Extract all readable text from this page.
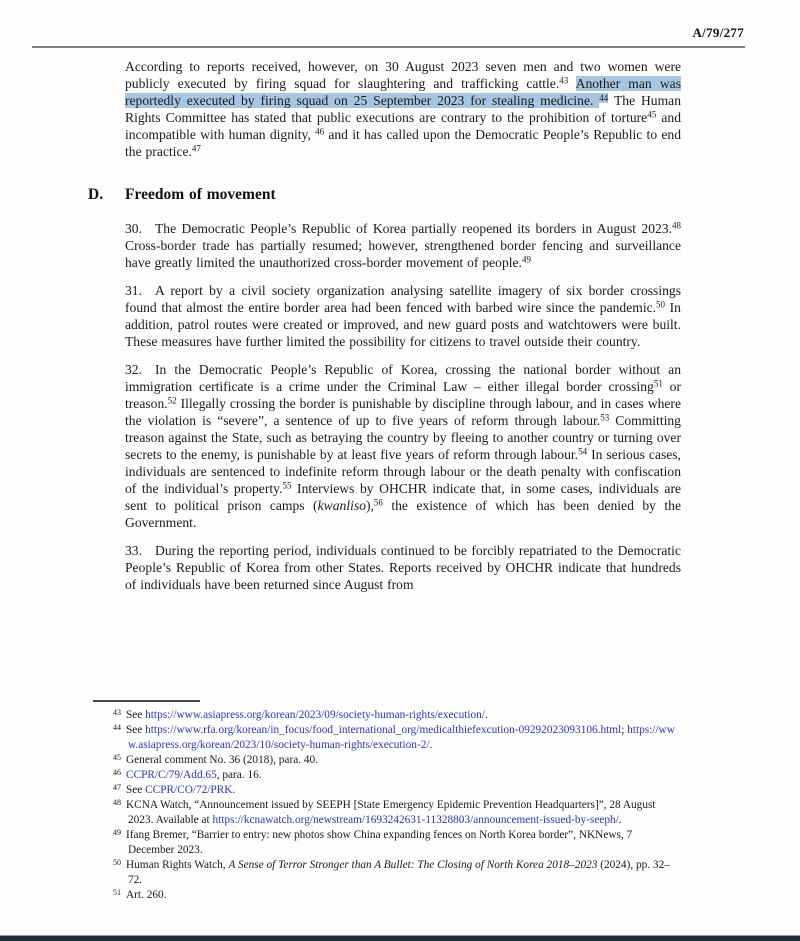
A/79/277

According to reports received, however, on 30 August 2023 seven men and two women were publicly executed by firing squad for slaughtering and trafficking cattle.$^{43}$ Another man was reportedly executed by firing squad on 25 September 2023 for stealing medicine. $^{44}$ The Human Rights Committee has stated that public executions are contrary to the prohibition of torture$^{45}$ and incompatible with human dignity, $^{46}$ and it has called upon the Democratic People’s Republic to end the practice.$^{47}$

D. Freedom of movement

30. The Democratic People’s Republic of Korea partially reopened its borders in August 2023.48 Cross-border trade has partially resumed; however, strengthened border fencing and surveillance have greatly limited the unauthorized cross-border movement of people.$^{49}$

31. A report by a civil society organization analysing satellite imagery of six border crossings found that almost the entire border area had been fenced with barbed wire since the pandemic.$^{50}$ In addition, patrol routes were created or improved, and new guard posts and watchtowers were built. These measures have further limited the possibility for citizens to travel outside their country.

32. In the Democratic People’s Republic of Korea, crossing the national border without an immigration certificate is a crime under the Criminal Law – either illegal border crossing$^{51}$ or treason.$^{52}$ Illegally crossing the border is punishable by discipline through labour, and in cases where the violation is “severe”, a sentence of up to five years of reform through labour.$^{53}$ Committing treason against the State, such as betraying the country by fleeing to another country or turning over secrets to the enemy, is punishable by at least five years of reform through labour.$^{54}$ In serious cases, individuals are sentenced to indefinite reform through labour or the death penalty with confiscation of the individual’s property.$^{55}$ Interviews by OHCHR indicate that, in some cases, individuals are sent to political prison camps (kwanliso),$^{56}$ the existence of which has been denied by the Government.

33. During the reporting period, individuals continued to be forcibly repatriated to the Democratic People’s Republic of Korea from other States. Reports received by OHCHR indicate that hundreds of individuals have been returned since August from

$^{43}$ See https://www.asiapress.org/korean/2023/09/society-human-rights/execution/.
$^{44}$ See https://www.rfa.org/korean/in_focus/food_international_org/medicalthiefexcution-09292023093106.html; https://www.asiapress.org/korean/2023/10/society-human-rights/execution-2/.
$^{45}$ General comment No. 36 (2018), para. 40.
$^{46}$ CCPR/C/79/Add.65, para. 16.
$^{47}$ See CCPR/CO/72/PRK.
$^{48}$ KCNA Watch, “Announcement issued by SEEPH [State Emergency Epidemic Prevention Headquarters]”, 28 August 2023. Available at https://kcnawatch.org/newstream/1693242631-11328803/announcement-issued-by-seeph/.
$^{49}$ Ifang Bremer, “Barrier to entry: new photos show China expanding fences on North Korea border”, NKNews, 7 December 2023.
$^{50}$ Human Rights Watch, A Sense of Terror Stronger than A Bullet: The Closing of North Korea 2018–2023 (2024), pp. 32–72.
$^{51}$ Art. 260.
